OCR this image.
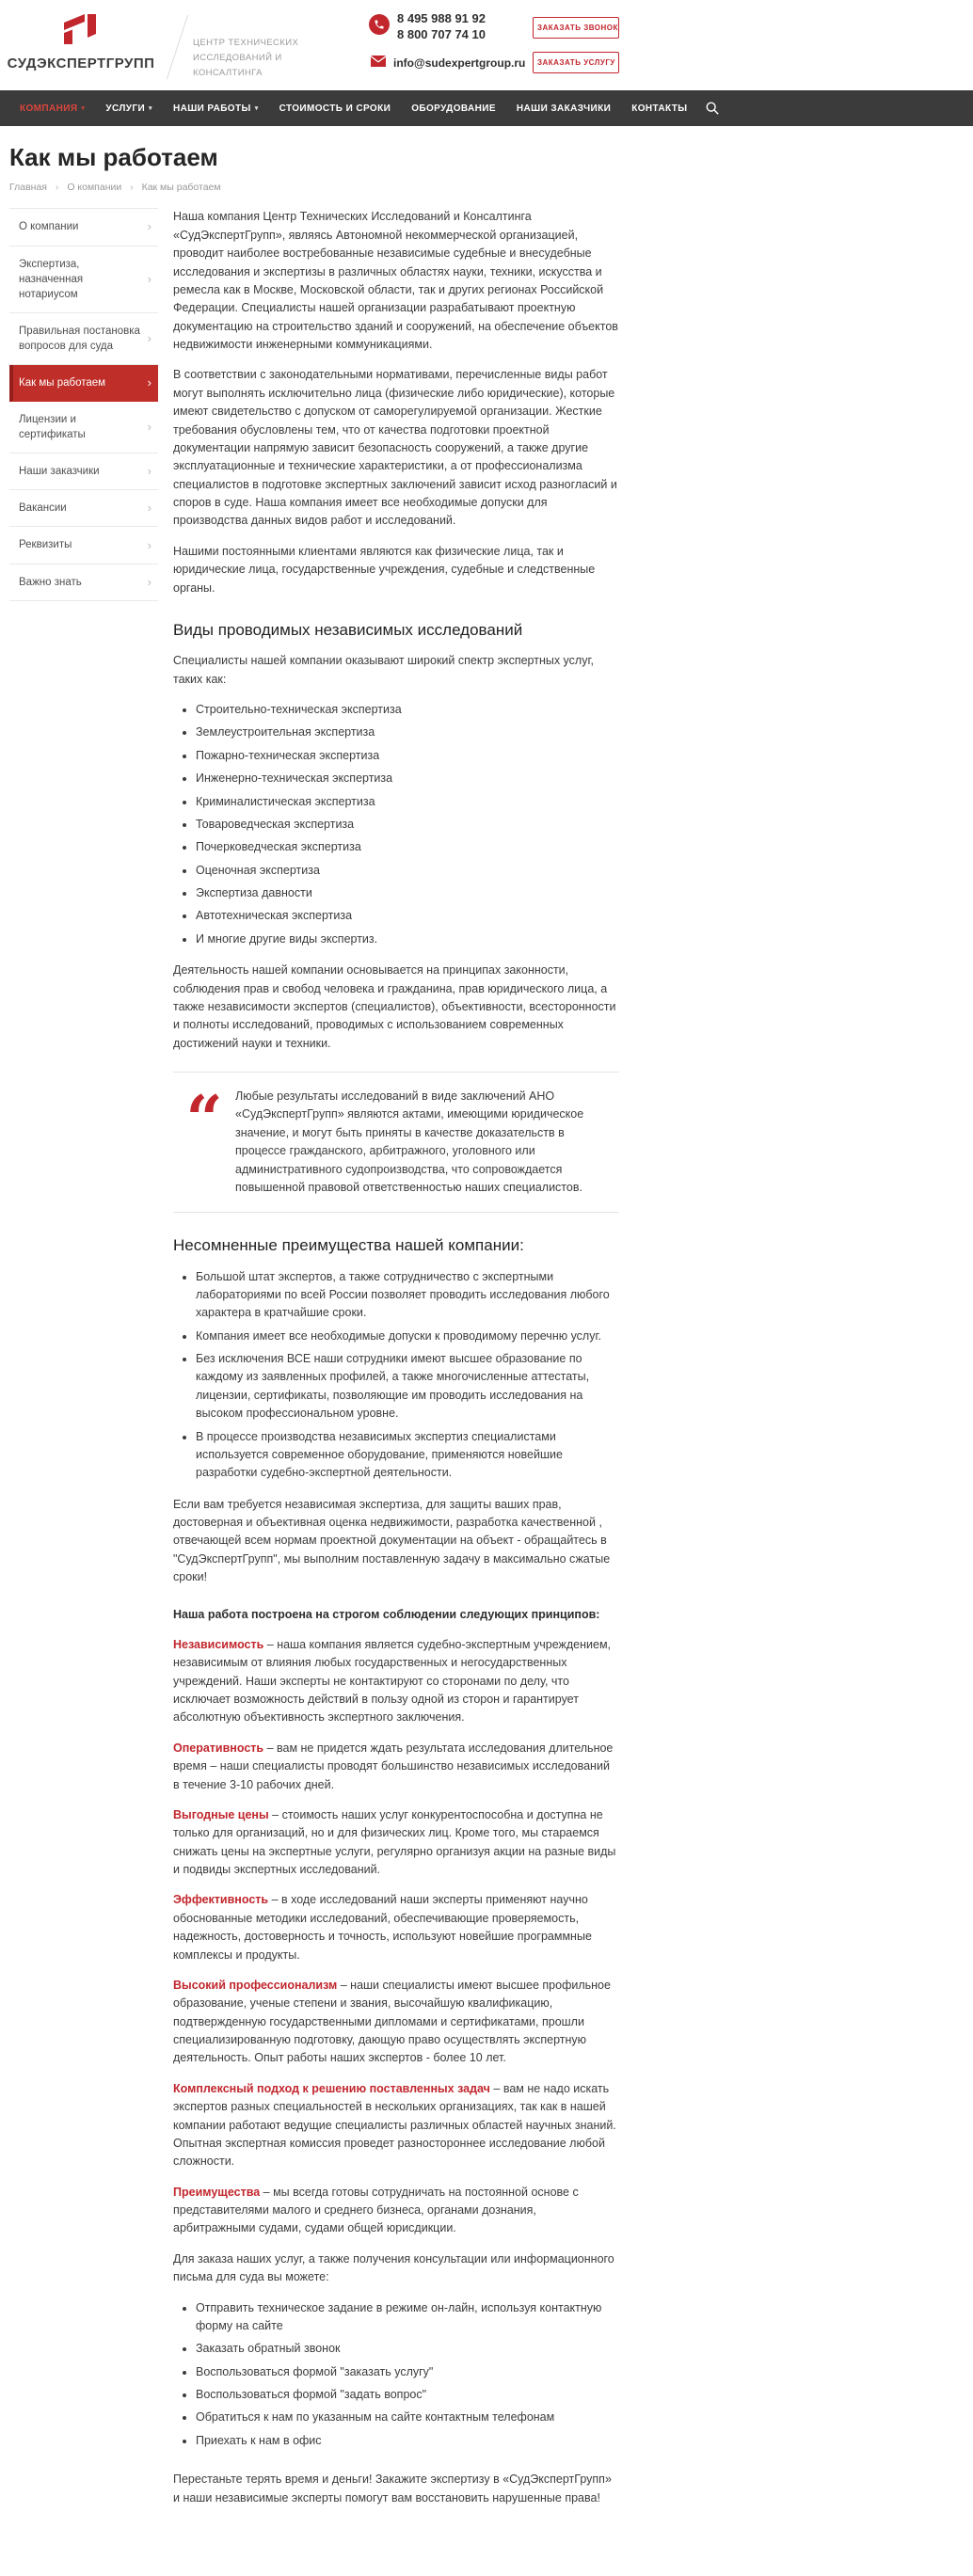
СУДЭКСПЕРТГРУПП
ЦЕНТР ТЕХНИЧЕСКИХ
ИССЛЕДОВАНИЙ И КОНСАЛТИНГА
8 495 988 91 92
8 800 707 74 10
info@sudexpertgroup.ru
ЗАКАЗАТЬ ЗВОНОК
ЗАКАЗАТЬ УСЛУГУ
КОМПАНИЯ ▾ УСЛУГИ ▾ НАШИ РАБОТЫ ▾ СТОИМОСТЬ И СРОКИ ОБОРУДОВАНИЕ НАШИ ЗАКАЗЧИКИ КОНТАКТЫ
Как мы работаем
Главная › О компании › Как мы работаем
О компании	›
Экспертиза, назначенная нотариусом
›
Правильная постановка вопросов для суда
›
Как мы работаем	›
Лицензии и сертификаты
›
Наши заказчики	›
Вакансии	›
Реквизиты	›
Важно знать	›

Наша компания Центр Технических Исследований и Консалтинга «СудЭкспертГрупп», являясь Автономной некоммерческой организацией, проводит наиболее востребованные независимые судебные и внесудебные исследования и экспертизы в различных областях науки, техники, искусства и ремесла как в Москве, Московской области, так и других регионах Российской Федерации. Специалисты нашей организации разрабатывают проектную документацию на строительство зданий и сооружений, на обеспечение объектов недвижимости инженерными коммуникациями.

В соответствии с законодательными нормативами, перечисленные виды работ могут выполнять исключительно лица (физические либо юридические), которые имеют свидетельство с допуском от саморегулируемой организации. Жесткие требования обусловлены тем, что от качества подготовки проектной документации напрямую зависит безопасность сооружений, а также другие эксплуатационные и технические характеристики, а от профессионализма специалистов в подготовке экспертных заключений зависит исход разногласий и споров в суде. Наша компания имеет все необходимые допуски для производства данных видов работ и исследований.

Нашими постоянными клиентами являются как физические лица, так и юридические лица, государственные учреждения, судебные и следственные органы.

Виды проводимых независимых исследований

Специалисты нашей компании оказывают широкий спектр экспертных услуг, таких как:

• Строительно-техническая экспертиза
• Землеустроительная экспертиза
• Пожарно-техническая экспертиза
• Инженерно-техническая экспертиза
• Криминалистическая экспертиза
• Товароведческая экспертиза
• Почерковедческая экспертиза
• Оценочная экспертиза
• Экспертиза давности
• Автотехническая экспертиза
• И многие другие виды экспертиз.

Деятельность нашей компании основывается на принципах законности, соблюдения прав и свобод человека и гражданина, прав юридического лица, а также независимости экспертов (специалистов), объективности, всесторонности и полноты исследований, проводимых с использованием современных достижений науки и техники.

“	Любые результаты исследований в виде заключений АНО «СудЭкспертГрупп» являются актами, имеющими юридическое значение, и могут быть приняты в качестве доказательств в процессе гражданского, арбитражного, уголовного или административного судопроизводства, что сопровождается повышенной правовой ответственностью наших специалистов.
Несомненные преимущества нашей компании:
• Большой штат экспертов, а также сотрудничество с экспертными лабораториями по всей России позволяет проводить исследования любого характера в кратчайшие сроки.
• Компания имеет все необходимые допуски к проводимому перечню услуг.
• Без исключения ВСЕ наши сотрудники имеют высшее образование по каждому из заявленных профилей, а также многочисленные аттестаты, лицензии, сертификаты, позволяющие им проводить исследования на высоком профессиональном уровне.
• В процессе производства независимых экспертиз специалистами используется современное оборудование, применяются новейшие разработки судебно-экспертной деятельности.

Если вам требуется независимая экспертиза, для защиты ваших прав, достоверная и объективная оценка недвижимости, разработка качественной , отвечающей всем нормам проектной документации на объект - обращайтесь в "СудЭкспертГрупп", мы выполним поставленную задачу в максимально сжатые сроки!

Наша работа построена на строгом соблюдении следующих принципов:

Независимость – наша компания является судебно-экспертным учреждением, независимым от влияния любых государственных и негосударственных учреждений. Наши эксперты не контактируют со сторонами по делу, что исключает возможность действий в пользу одной из сторон и гарантирует абсолютную объективность экспертного заключения.

Оперативность – вам не придется ждать результата исследования длительное время – наши специалисты проводят большинство независимых исследований в течение 3-10 рабочих дней.

Выгодные цены – стоимость наших услуг конкурентоспособна и доступна не только для организаций, но и для физических лиц. Кроме того, мы стараемся снижать цены на экспертные услуги, регулярно организуя акции на разные виды и подвиды экспертных исследований.

Эффективность – в ходе исследований наши эксперты применяют научно обоснованные методики исследований, обеспечивающие проверяемость, надежность, достоверность и точность, используют новейшие программные комплексы и продукты.

Высокий профессионализм – наши специалисты имеют высшее профильное образование, ученые степени и звания, высочайшую квалификацию, подтвержденную государственными дипломами и сертификатами, прошли специализированную подготовку, дающую право осуществлять экспертную деятельность. Опыт работы наших экспертов - более 10 лет.

Комплексный подход к решению поставленных задач – вам не надо искать экспертов разных специальностей в нескольких организациях, так как в нашей компании работают ведущие специалисты различных областей научных знаний. Опытная экспертная комиссия проведет разностороннее исследование любой сложности.

Преимущества – мы всегда готовы сотрудничать на постоянной основе с представителями малого и среднего бизнеса, органами дознания, арбитражными судами, судами общей юрисдикции.

Для заказа наших услуг, а также получения консультации или информационного письма для суда вы можете:

• Отправить техническое задание в режиме он-лайн, используя контактную форму на сайте
• Заказать обратный звонок
• Воспользоваться формой "заказать услугу"
• Воспользоваться формой "задать вопрос"
• Обратиться к нам по указанным на сайте контактным телефонам
• Приехать к нам в офис

Перестаньте терять время и деньги! Закажите экспертизу в «СудЭкспертГрупп» и наши независимые эксперты помогут вам восстановить нарушенные права!
